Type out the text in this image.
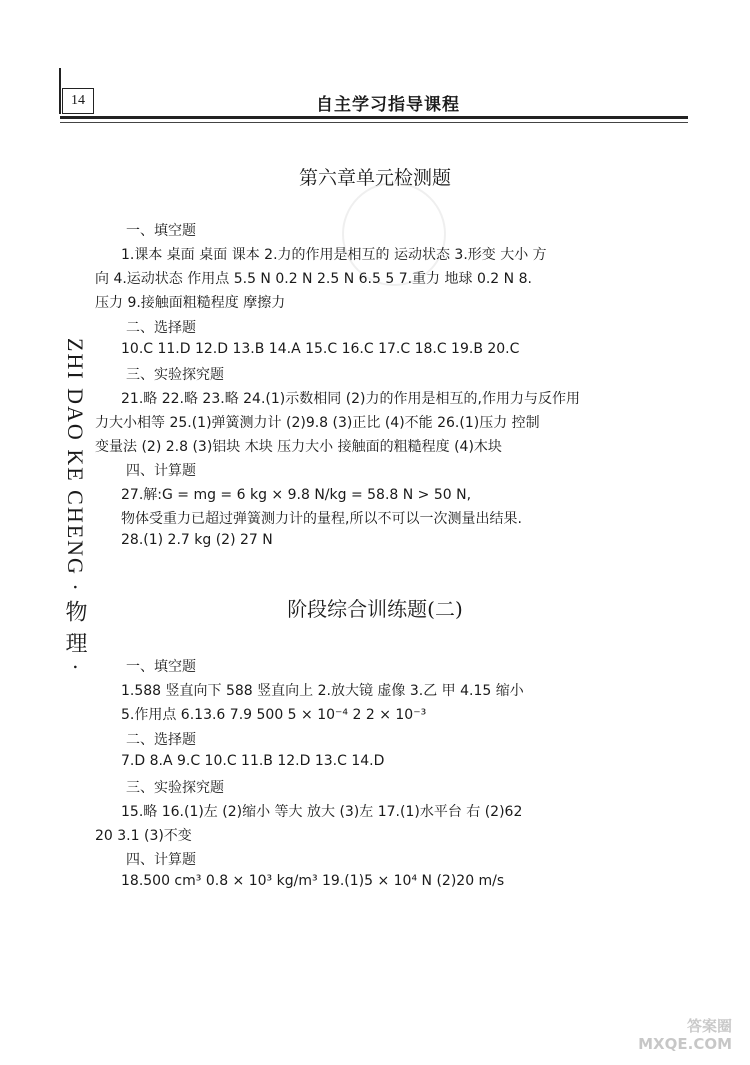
14	自主学习指导课程
ZHI DAO KE CHENG · 物 理 ·
第六章单元检测题
一、填空题
1.课本 桌面 桌面 课本 2.力的作用是相互的 运动状态 3.形变 大小 方
向 4.运动状态 作用点 5.5 N 0.2 N 2.5 N 6.5 5 7.重力 地球 0.2 N 8.
压力 9.接触面粗糙程度 摩擦力
二、选择题
10.C 11.D 12.D 13.B 14.A 15.C 16.C 17.C 18.C 19.B 20.C
三、实验探究题
21.略 22.略 23.略 24.(1)示数相同 (2)力的作用是相互的,作用力与反作用
力大小相等 25.(1)弹簧测力计 (2)9.8 (3)正比 (4)不能 26.(1)压力 控制
变量法 (2) 2.8 (3)铝块 木块 压力大小 接触面的粗糙程度 (4)木块
四、计算题
27.解:G = mg = 6 kg × 9.8 N/kg = 58.8 N > 50 N,
物体受重力已超过弹簧测力计的量程,所以不可以一次测量出结果.
28.(1) 2.7 kg (2) 27 N
阶段综合训练题(二)
一、填空题
1.588 竖直向下 588 竖直向上 2.放大镜 虚像 3.乙 甲 4.15 缩小
5.作用点 6.13.6 7.9 500 5 × 10⁻⁴ 2 2 × 10⁻³
二、选择题
7.D 8.A 9.C 10.C 11.B 12.D 13.C 14.D
三、实验探究题
15.略 16.(1)左 (2)缩小 等大 放大 (3)左 17.(1)水平台 右 (2)62
20 3.1 (3)不变
四、计算题
18.500 cm³ 0.8 × 10³ kg/m³ 19.(1)5 × 10⁴ N (2)20 m/s
答案圈
MXQE.COM
